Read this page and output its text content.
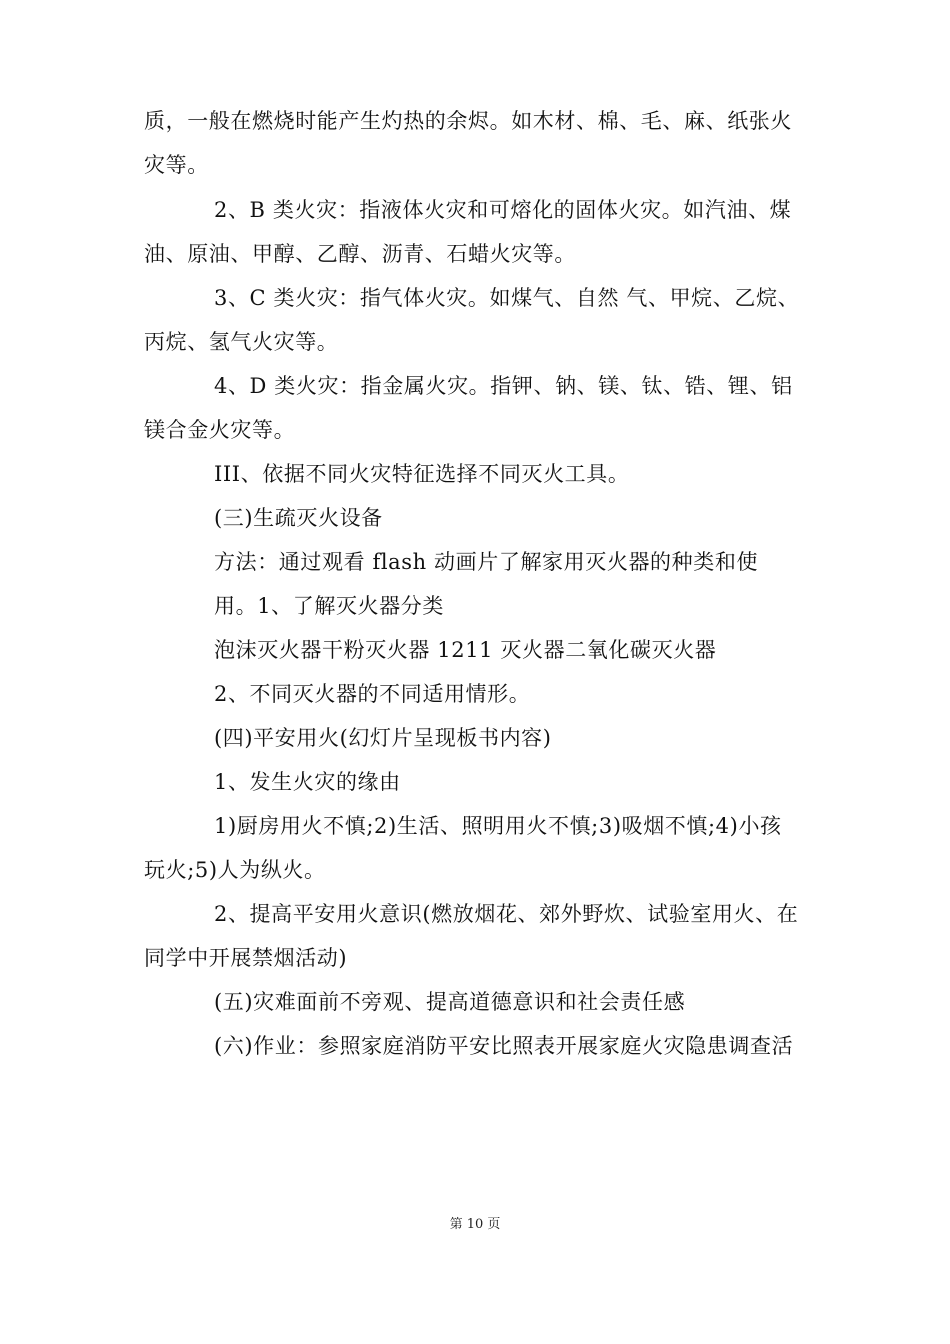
质，一般在燃烧时能产生灼热的余烬。如木材、棉、毛、麻、纸张火
灾等。
2、B 类火灾：指液体火灾和可熔化的固体火灾。如汽油、煤
油、原油、甲醇、乙醇、沥青、石蜡火灾等。
3、C 类火灾：指气体火灾。如煤气、自然 气、甲烷、乙烷、
丙烷、氢气火灾等。
4、D 类火灾：指金属火灾。指钾、钠、镁、钛、锆、锂、铝
镁合金火灾等。
III、依据不同火灾特征选择不同灭火工具。
(三)生疏灭火设备
方法：通过观看 flash 动画片了解家用灭火器的种类和使
用。1、了解灭火器分类
泡沫灭火器干粉灭火器 1211 灭火器二氧化碳灭火器
2、不同灭火器的不同适用情形。
(四)平安用火(幻灯片呈现板书内容)
1、发生火灾的缘由
1)厨房用火不慎;2)生活、照明用火不慎;3)吸烟不慎;4)小孩
玩火;5)人为纵火。
2、提高平安用火意识(燃放烟花、郊外野炊、试验室用火、在
同学中开展禁烟活动)
(五)灾难面前不旁观、提高道德意识和社会责任感
(六)作业：参照家庭消防平安比照表开展家庭火灾隐患调查活
第 10 页
